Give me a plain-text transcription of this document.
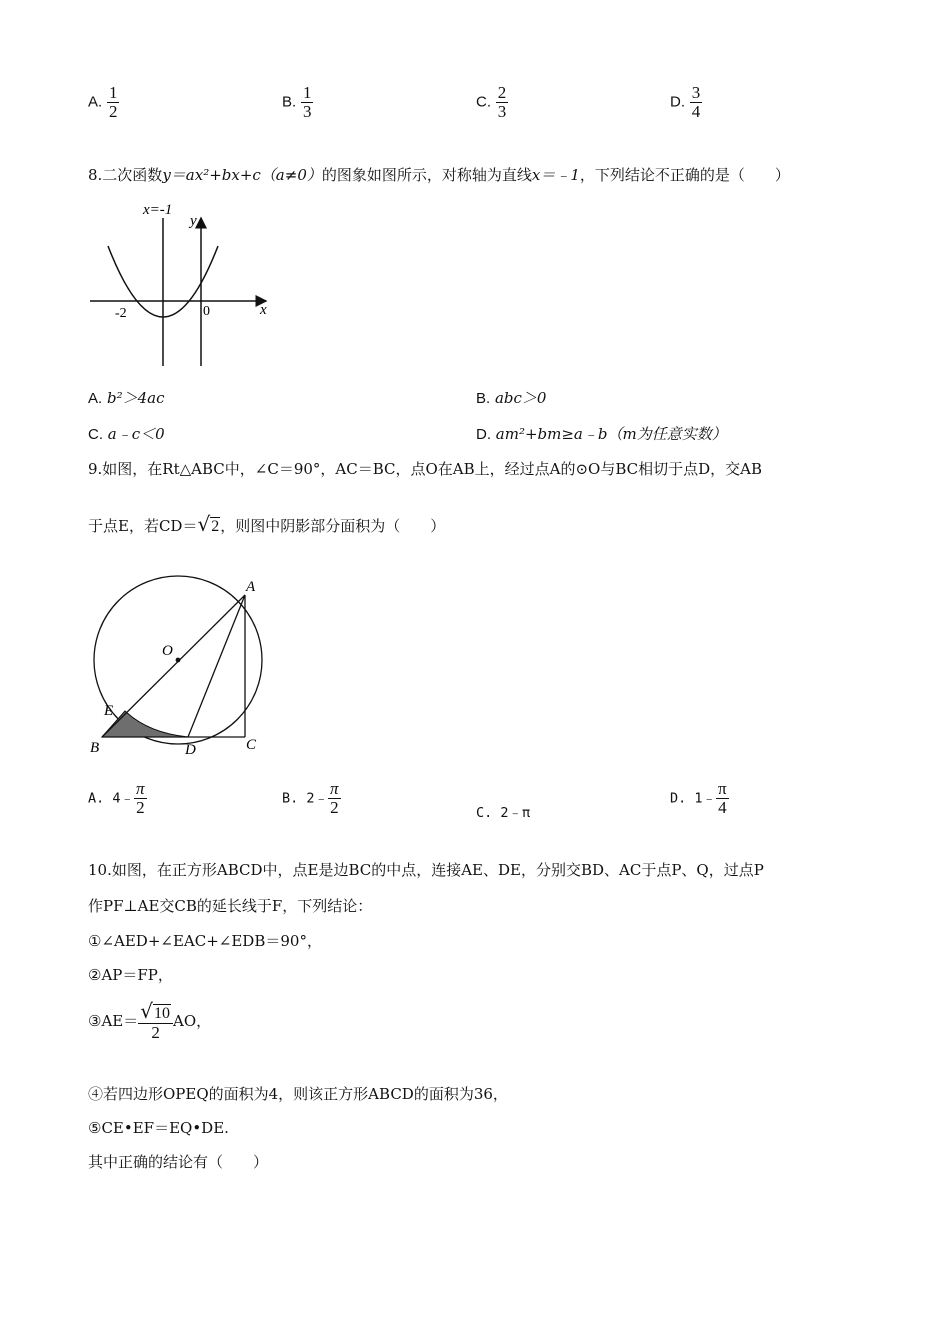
A. $\frac{1}{2}$	B. $\frac{1}{3}$	C. $\frac{2}{3}$	D. $\frac{3}{4}$
8.二次函数y＝ax²+bx+c（a≠0）的图象如图所示，对称轴为直线x＝﹣1，下列结论不正确的是（　　）
x=-1
y
x
-2	0
A. b²＞4ac	B. abc＞0
C. a﹣c＜0	D. am²+bm≥a﹣b（m为任意实数）
9.如图，在Rt△ABC中，∠C＝90°，AC＝BC，点O在AB上，经过点A的⊙O与BC相切于点D，交AB
于点E，若CD＝√2，则图中阴影部分面积为（　　）
A
O
E
B	D	C
A. 4﹣ $\frac{\pi}{2}$	B. 2﹣ $\frac{\pi}{2}$	C. 2﹣π
D. 1﹣ $\frac{\pi}{4}$
10.如图，在正方形ABCD中，点E是边BC的中点，连接AE、DE，分别交BD、AC于点P、Q，过点P
作PF⊥AE交CB的延长线于F，下列结论：
①∠AED+∠EAC+∠EDB＝90°，
②AP＝FP，
③AE＝ $\frac{√10}{2}$ AO，
④若四边形OPEQ的面积为4，则该正方形ABCD的面积为36，
⑤CE•EF＝EQ•DE.
其中正确的结论有（　　）
